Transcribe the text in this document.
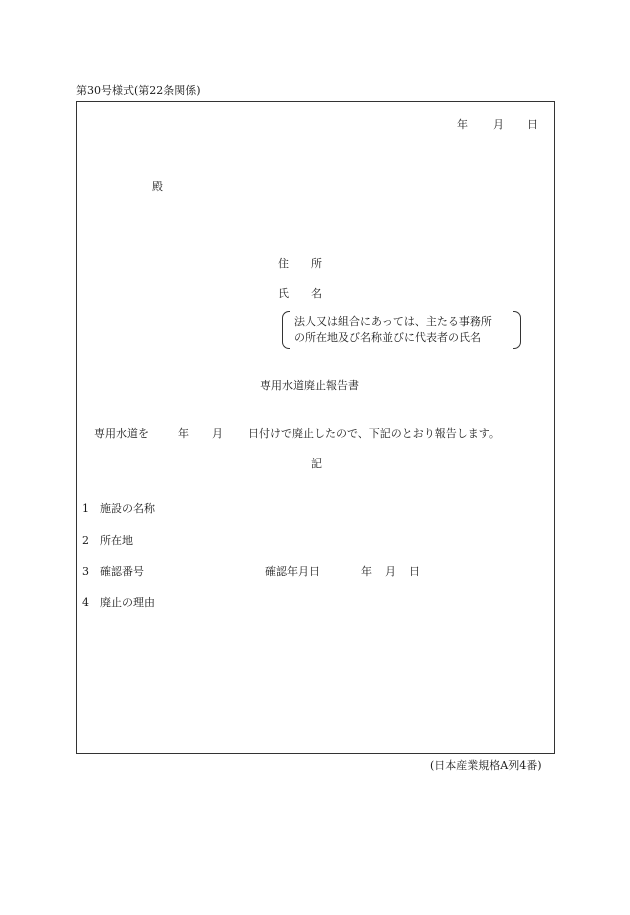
第30号様式(第22条関係)
年 月 日
殿
住　　所
氏　　名
法人又は組合にあっては、主たる事務所
の所在地及び名称並びに代表者の氏名
専用水道廃止報告書
専用水道を	年 月 日付けで廃止したので、下記のとおり報告します。
記
1 施設の名称
2 所在地
3 確認番号	確認年月日	年 月 日
4 廃止の理由
(日本産業規格A列4番)
